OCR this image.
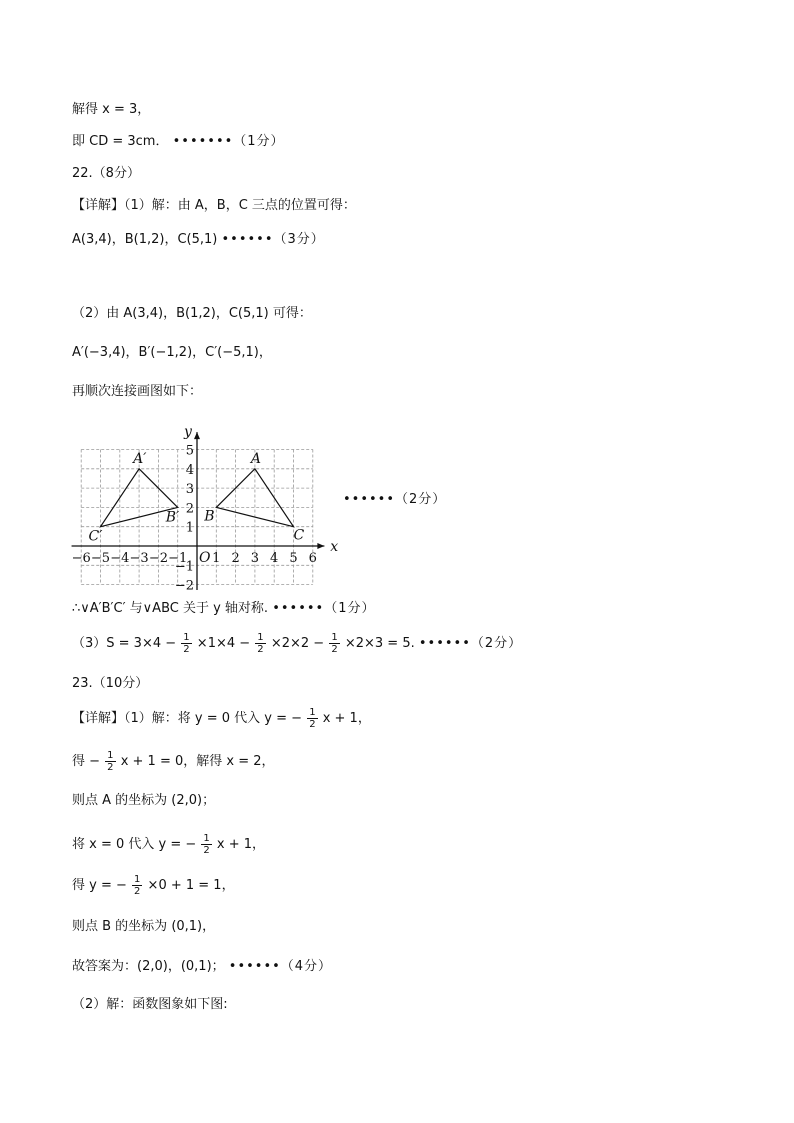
解得 x = 3，
即 CD = 3cm． •••••••（1分）
22.（8分）
【详解】（1）解：由 A，B，C 三点的位置可得：
A(3,4)，B(1,2)，C(5,1) ••••••（3分）
（2）由 A(3,4)，B(1,2)，C(5,1) 可得：
A′(−3,4)，B′(−1,2)，C′(−5,1)，
再顺次连接画图如下：
x
y
O
−6 −5 −4 −3 −2 −1 1 2 3 4 5 6
5
4
3
2
1
−1
−2
A
B
C
A′
B′
C′
••••••（2分）
∴∨A′B′C′ 与∨ABC 关于 y 轴对称. ••••••（1分）
$(3)S = 3\times 4 - \frac{1}{2} \times 1\times 4 - \frac{1}{2} \times 2\times 2 - \frac{1}{2} \times 2\times 3 = 5$. ••••••（2分）
23.（10分）
【详解】（1）解：将 y = 0 代入 y = − $\frac{1}{2}$ x + 1，
得 − $\frac{1}{2}$ x + 1 = 0，解得 x = 2，
则点 A 的坐标为 (2,0)；
将 x = 0 代入 y = − $\frac{1}{2}$ x + 1，
得 y = − $\frac{1}{2} \times 0 + 1 = 1$，
则点 B 的坐标为 (0,1)，
故答案为：(2,0)，(0,1)； ••••••（4分）
（2）解：函数图象如下图:
